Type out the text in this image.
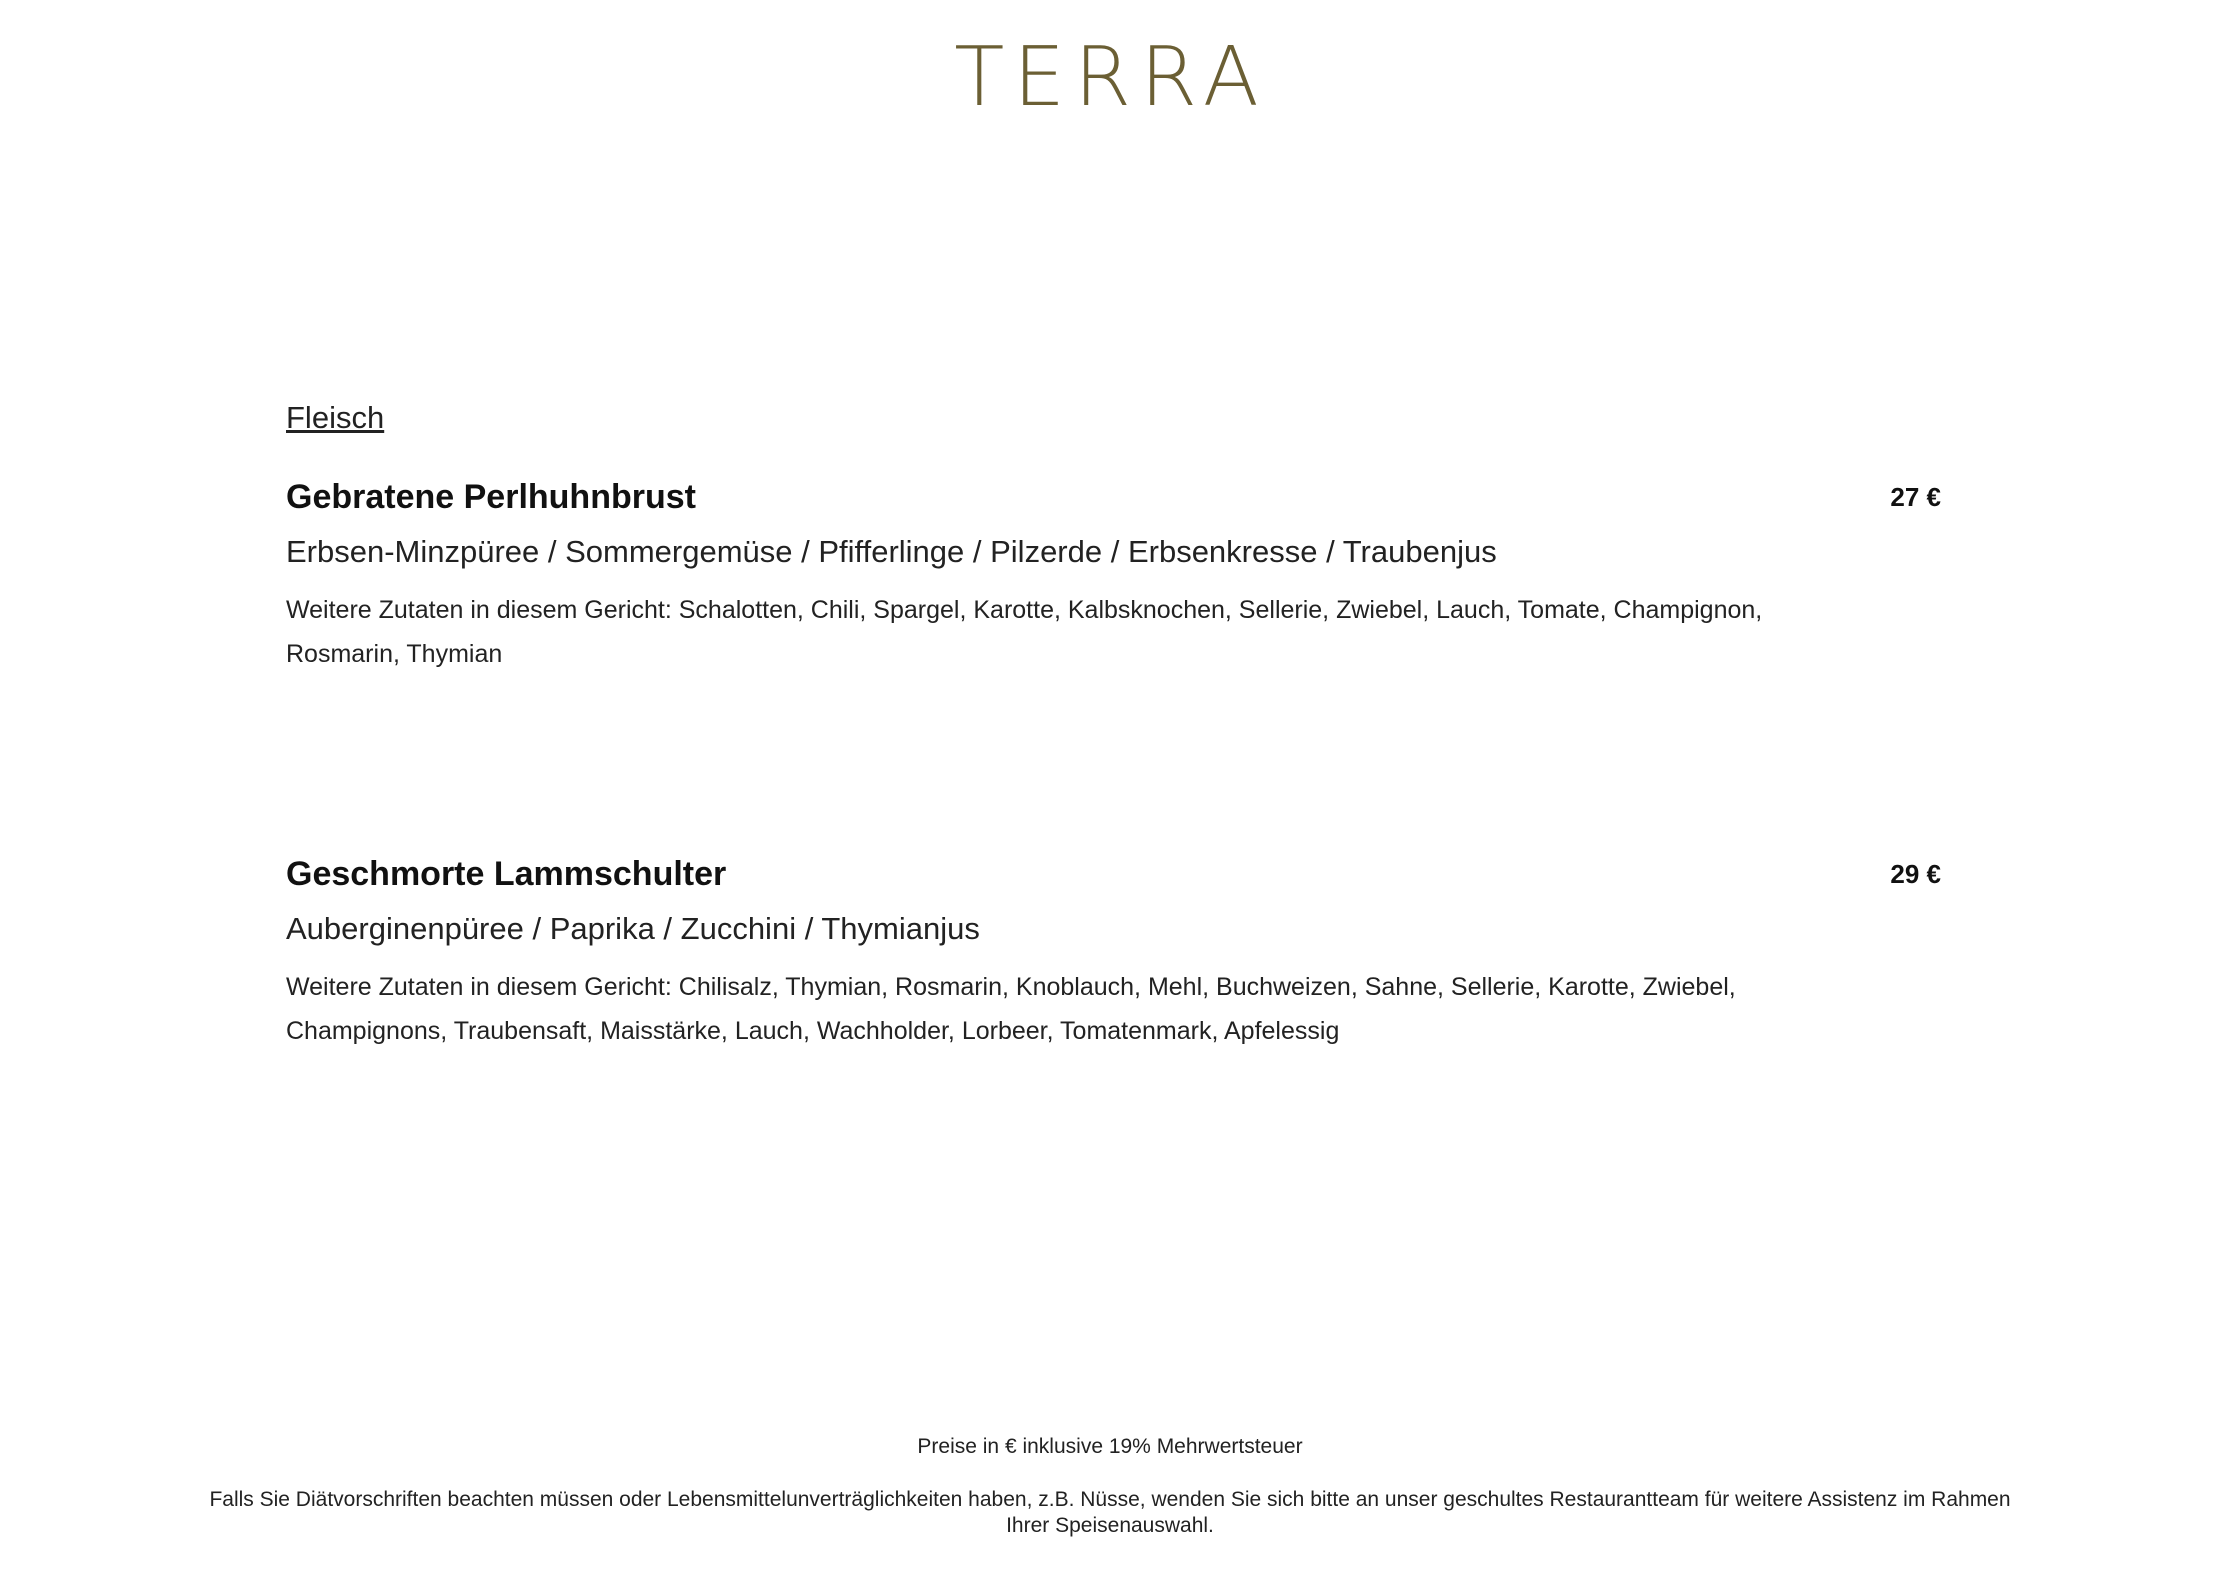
TERRA
Fleisch
Gebratene Perlhuhnbrust	27 €
Erbsen-Minzpüree / Sommergemüse / Pfifferlinge / Pilzerde / Erbsenkresse / Traubenjus
Weitere Zutaten in diesem Gericht: Schalotten, Chili, Spargel, Karotte, Kalbsknochen, Sellerie, Zwiebel, Lauch, Tomate, Champignon, Rosmarin, Thymian
Geschmorte Lammschulter	29 €
Auberginenpüree / Paprika / Zucchini / Thymianjus
Weitere Zutaten in diesem Gericht: Chilisalz, Thymian, Rosmarin, Knoblauch, Mehl, Buchweizen, Sahne, Sellerie, Karotte, Zwiebel, Champignons, Traubensaft, Maisstärke, Lauch, Wachholder, Lorbeer, Tomatenmark, Apfelessig
Preise in € inklusive 19% Mehrwertsteuer
Falls Sie Diätvorschriften beachten müssen oder Lebensmittelunverträglichkeiten haben, z.B. Nüsse, wenden Sie sich bitte an unser geschultes Restaurantteam für weitere Assistenz im Rahmen Ihrer Speisenauswahl.
